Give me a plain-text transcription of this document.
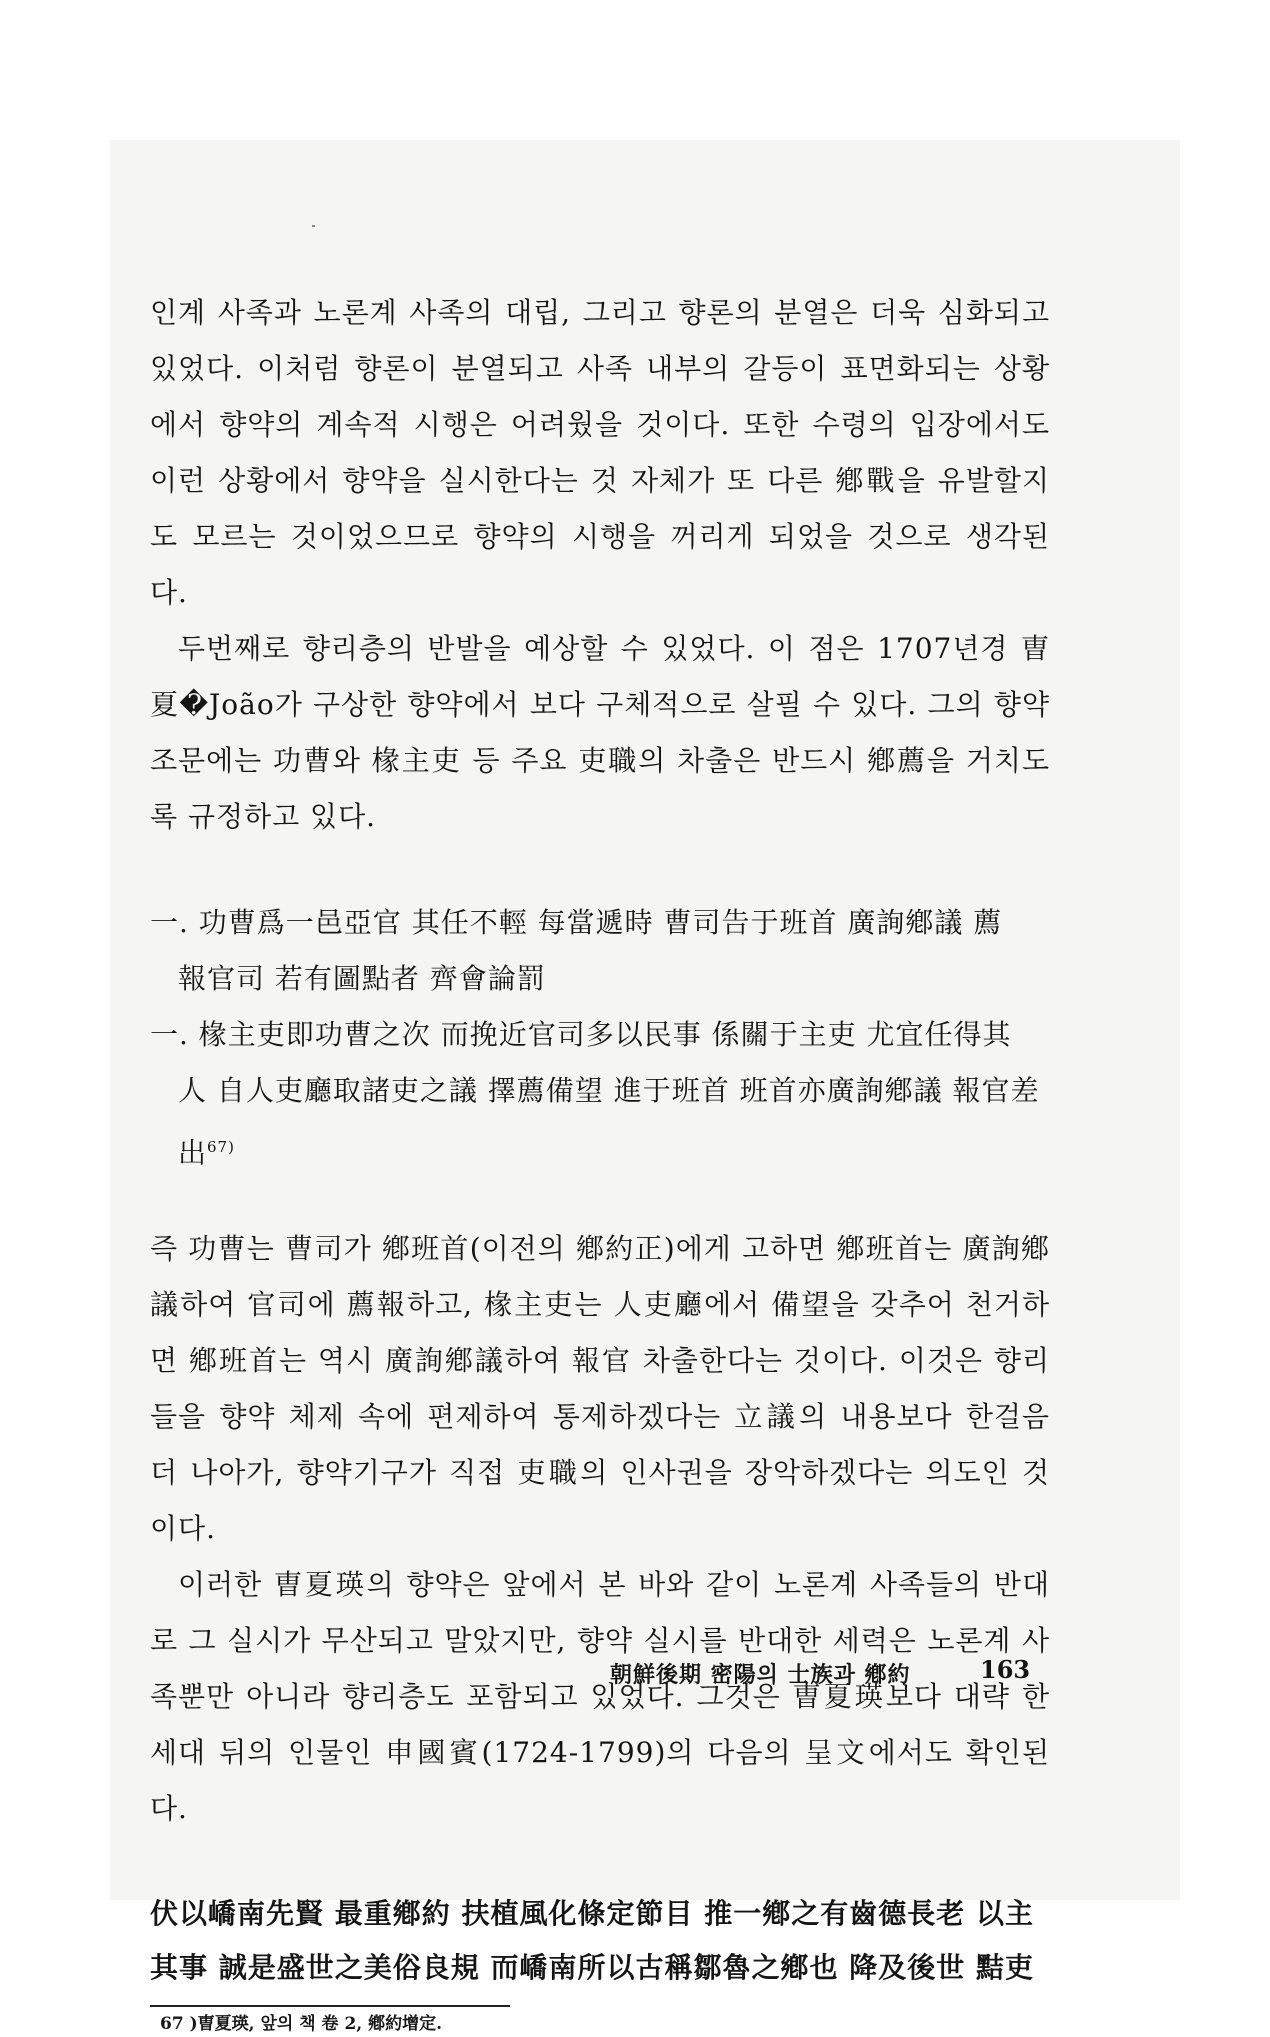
인계 사족과 노론계 사족의 대립, 그리고 향론의 분열은 더욱 심화되고 있었다. 이처럼 향론이 분열되고 사족 내부의 갈등이 표면화되는 상황에서 향약의 계속적 시행은 어려웠을 것이다. 또한 수령의 입장에서도 이런 상황에서 향약을 실시한다는 것 자체가 또 다른 鄕戰을 유발할지도 모르는 것이었으므로 향약의 시행을 꺼리게 되었을 것으로 생각된다.

두번째로 향리층의 반발을 예상할 수 있었다. 이 점은 1707년경 曺夏�João가 구상한 향약에서 보다 구체적으로 살필 수 있다. 그의 향약조문에는 功曹와 椽主吏 등 주요 吏職의 차출은 반드시 鄕薦을 거치도록 규정하고 있다.

一. 功曹爲一邑亞官 其任不輕 每當遞時 曹司告于班首 廣詢鄕議 薦

報官司 若有圖點者 齊會論罰

一. 椽主吏即功曹之次 而挽近官司多以民事 係關于主吏 尤宜任得其

人 自人吏廳取諸吏之議 擇薦備望 進于班首 班首亦廣詢鄕議 報官差

出$^{67)}$

즉 功曹는 曹司가 鄕班首(이전의 鄕約正)에게 고하면 鄕班首는 廣詢鄕議하여 官司에 薦報하고, 椽主吏는 人吏廳에서 備望을 갖추어 천거하면 鄕班首는 역시 廣詢鄕議하여 報官 차출한다는 것이다. 이것은 향리들을 향약 체제 속에 편제하여 통제하겠다는 立議의 내용보다 한걸음 더 나아가, 향약기구가 직접 吏職의 인사권을 장악하겠다는 의도인 것이다.

이러한 曺夏瑛의 향약은 앞에서 본 바와 같이 노론계 사족들의 반대로 그 실시가 무산되고 말았지만, 향약 실시를 반대한 세력은 노론계 사족뿐만 아니라 향리층도 포함되고 있었다. 그것은 曺夏瑛보다 대략 한 세대 뒤의 인물인 申國賓(1724-1799)의 다음의 呈文에서도 확인된다.

伏以嶠南先賢 最重鄕約 扶植風化條定節目 推一鄕之有齒德長老 以主

其事 誠是盛世之美俗良規 而嶠南所以古稱鄒魯之鄕也 降及後世 黠吏

67 )曺夏瑛, 앞의 책 卷 2, 鄕約增定.

朝鮮後期 密陽의 士族과 鄕約	163
